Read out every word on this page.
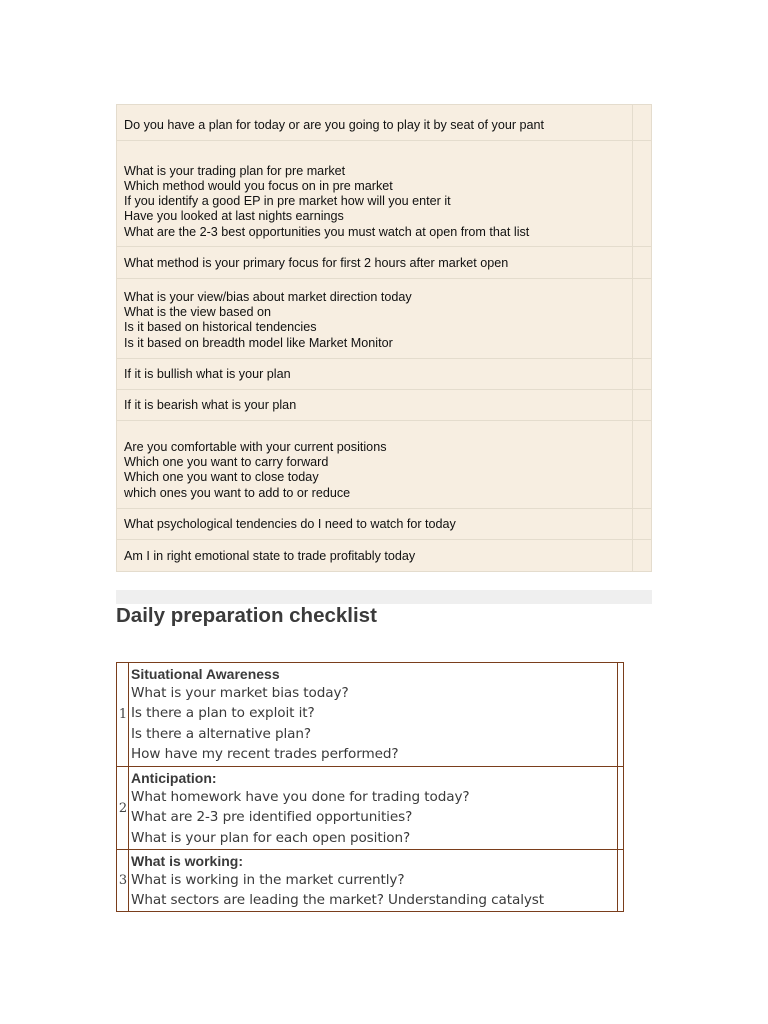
Do you have a plan for today or are you going to play it by seat of your pant
What is your trading plan for pre market
Which method would you focus on in pre market
If you identify a good EP in pre market how will you enter it
Have you looked at last nights earnings
What are the 2-3 best opportunities you must watch at open from that list
What method is your primary focus for first 2 hours after market open
What is your view/bias about market direction today
What is the view based on
Is it based on historical tendencies
Is it based on breadth model like Market Monitor
If it is bullish what is your plan
If it is bearish what is your plan
Are you comfortable with your current positions
Which one you want to carry forward
Which one you want to close today
which ones you want to add to or reduce
What psychological tendencies do I need to watch for today
Am I in right emotional state to trade profitably today
Daily preparation checklist
1
Situational Awareness
What is your market bias today?
Is there a plan to exploit it?
Is there a alternative plan?
How have my recent trades performed?
2
Anticipation:
What homework have you done for trading today?
What are 2-3 pre identified opportunities?
What is your plan for each open position?
3
What is working:
What is working in the market currently?
What sectors are leading the market? Understanding catalyst
